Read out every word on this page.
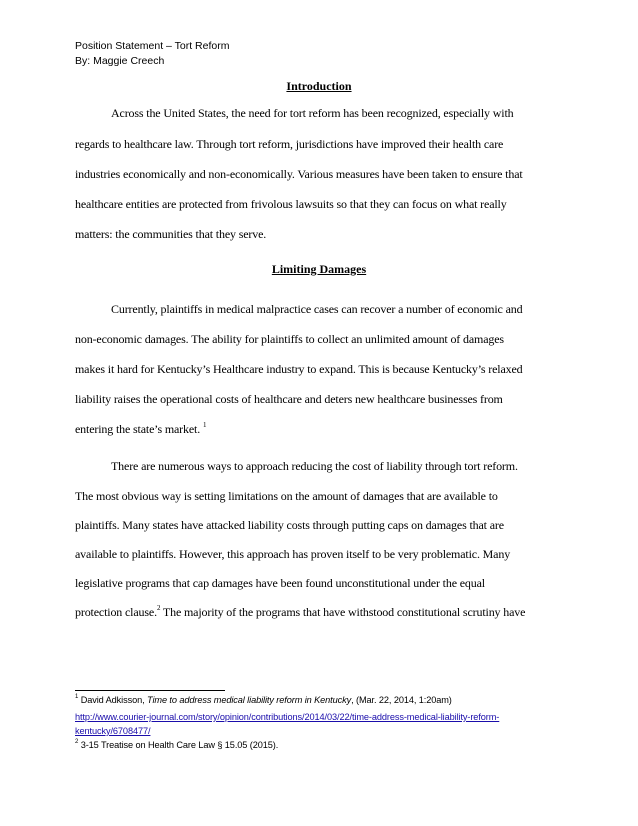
Position Statement – Tort Reform
By: Maggie Creech
Introduction
Across the United States, the need for tort reform has been recognized, especially with
regards to healthcare law. Through tort reform, jurisdictions have improved their health care
industries economically and non-economically. Various measures have been taken to ensure that
healthcare entities are protected from frivolous lawsuits so that they can focus on what really
matters: the communities that they serve.
Limiting Damages
Currently, plaintiffs in medical malpractice cases can recover a number of economic and
non-economic damages. The ability for plaintiffs to collect an unlimited amount of damages
makes it hard for Kentucky’s Healthcare industry to expand. This is because Kentucky’s relaxed
liability raises the operational costs of healthcare and deters new healthcare businesses from
entering the state’s market. $^1$
There are numerous ways to approach reducing the cost of liability through tort reform.
The most obvious way is setting limitations on the amount of damages that are available to
plaintiffs. Many states have attacked liability costs through putting caps on damages that are
available to plaintiffs. However, this approach has proven itself to be very problematic. Many
legislative programs that cap damages have been found unconstitutional under the equal
protection clause.$^2$ The majority of the programs that have withstood constitutional scrutiny have
$^1$ David Adkisson, Time to address medical liability reform in Kentucky, (Mar. 22, 2014, 1:20am)
http://www.courier-journal.com/story/opinion/contributions/2014/03/22/time-address-medical-liability-reform-
kentucky/6708477/
$^2$ 3-15 Treatise on Health Care Law § 15.05 (2015).
